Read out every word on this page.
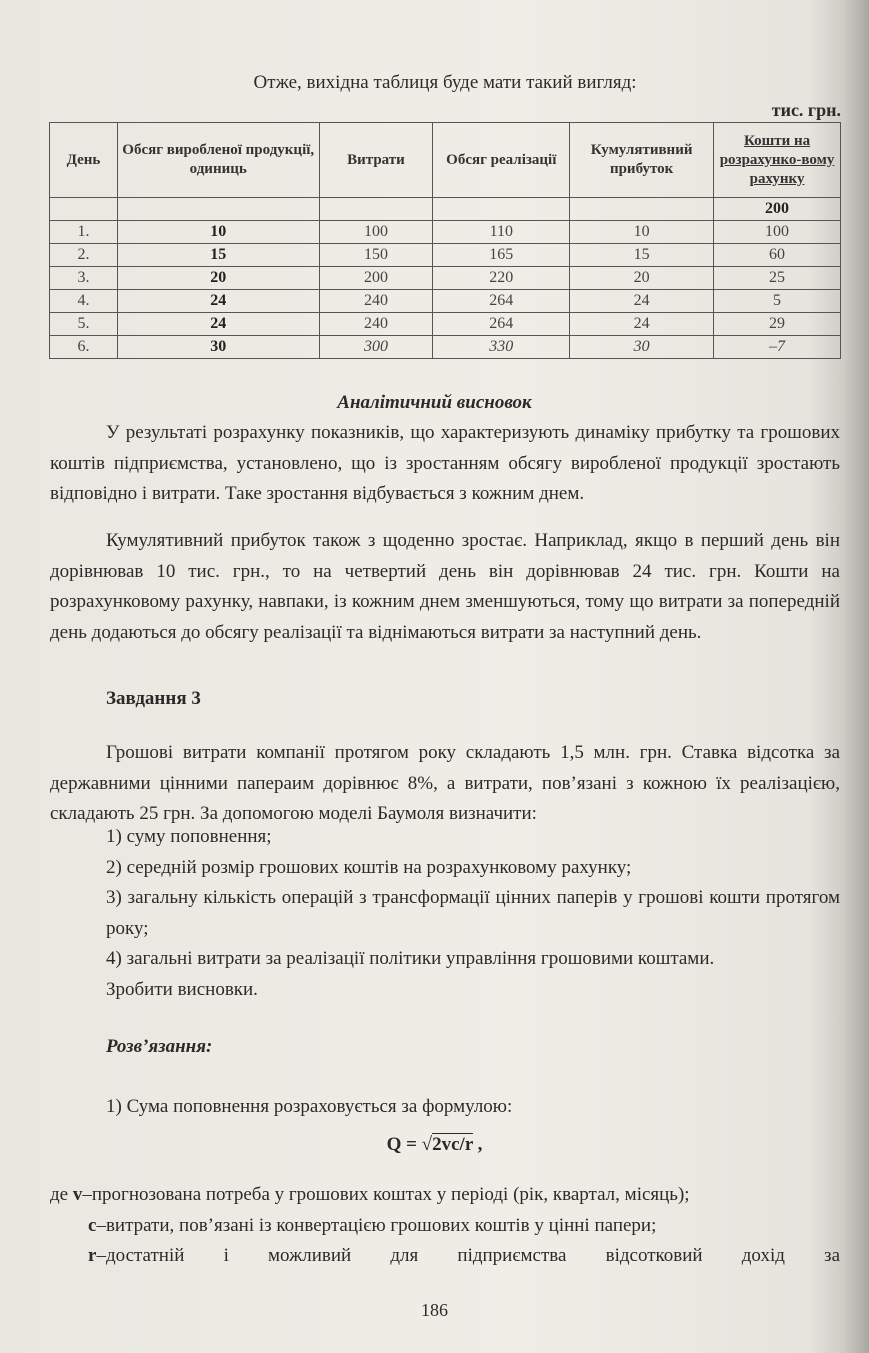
Отже, вихідна таблиця буде мати такий вигляд:
тис. грн.
День	Обсяг виробленої продукції, одиниць	Витрати	Обсяг реалізації	Кумулятивний прибуток	Кошти на розрахунко-вому рахунку
					200
1.	10	100	110	10	100
2.	15	150	165	15	60
3.	20	200	220	20	25
4.	24	240	264	24	5
5.	24	240	264	24	29
6.	30	300	330	30	–7
Аналітичний висновок
У результаті розрахунку показників, що характеризують динаміку прибутку та грошових коштів підприємства, установлено, що із зростанням обсягу виробленої продукції зростають відповідно і витрати. Таке зростання відбувається з кожним днем.
Кумулятивний прибуток також з щоденно зростає. Наприклад, якщо в перший день він дорівнював 10 тис. грн., то на четвертий день він дорівнював 24 тис. грн. Кошти на розрахунковому рахунку, навпаки, із кожним днем зменшуються, тому що витрати за попередній день додаються до обсягу реалізації та віднімаються витрати за наступний день.
Завдання 3
Грошові витрати компанії протягом року складають 1,5 млн. грн. Ставка відсотка за державними цінними папераим дорівнює 8%, а витрати, пов’язані з кожною їх реалізацією, складають 25 грн. За допомогою моделі Баумоля визначити:
1) суму поповнення;
2) середній розмір грошових коштів на розрахунковому рахунку;
3) загальну кількість операцій з трансформації цінних паперів у грошові кошти протягом року;
4) загальні витрати за реалізації політики управління грошовими коштами.
Зробити висновки.
Розв’язання:
1) Сума поповнення розраховується за формулою:
Q = √2vc/r ,
де v–прогнозована потреба у грошових коштах у періоді (рік, квартал, місяць);
c–витрати, пов’язані із конвертацією грошових коштів у цінні папери;
r–достатній і можливий для підприємства відсотковий дохід за
186
